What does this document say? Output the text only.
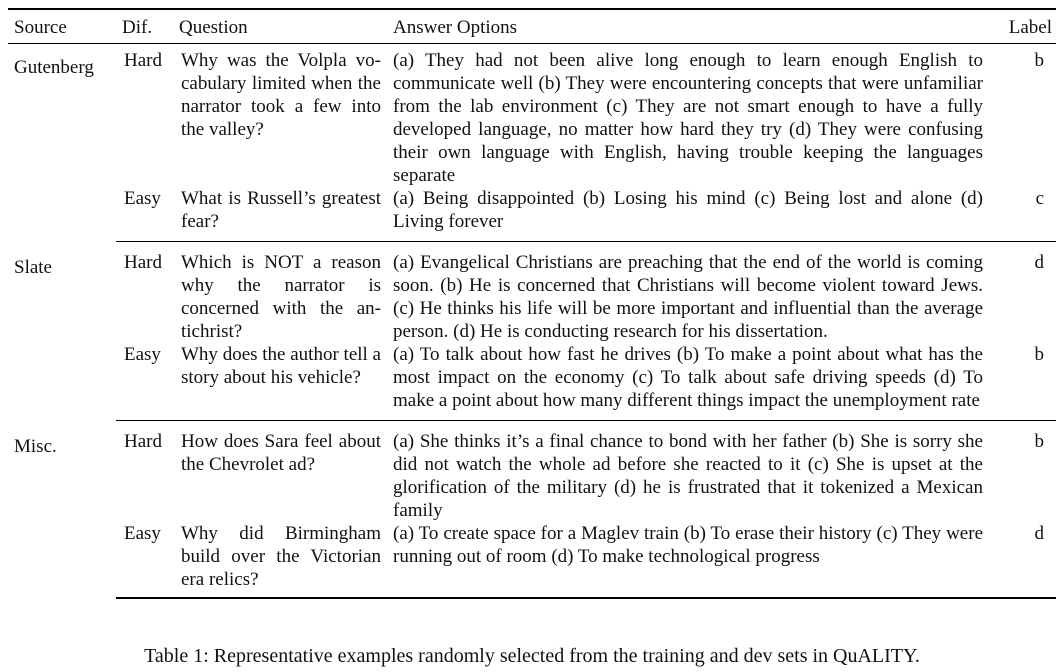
Source	Dif.	Question	Answer Options	Label
Gutenberg	Hard	Why was the Volpla vocabulary limited when the narrator took a few into the valley?	(a) They had not been alive long enough to learn enough English to communicate well (b) They were encountering concepts that were unfamiliar from the lab environment (c) They are not smart enough to have a fully developed language, no matter how hard they try (d) They were confusing their own language with English, having trouble keeping the languages separate	b
	Easy	What is Russell’s greatest fear?	(a) Being disappointed (b) Losing his mind (c) Being lost and alone (d) Living forever	c
Slate	Hard	Which is NOT a reason why the narrator is concerned with the antichrist?	(a) Evangelical Christians are preaching that the end of the world is coming soon. (b) He is concerned that Christians will become violent toward Jews. (c) He thinks his life will be more important and influential than the average person. (d) He is conducting research for his dissertation.	d
	Easy	Why does the author tell a story about his vehicle?	(a) To talk about how fast he drives (b) To make a point about what has the most impact on the economy (c) To talk about safe driving speeds (d) To make a point about how many different things impact the unemployment rate	b
Misc.	Hard	How does Sara feel about the Chevrolet ad?	(a) She thinks it’s a final chance to bond with her father (b) She is sorry she did not watch the whole ad before she reacted to it (c) She is upset at the glorification of the military (d) he is frustrated that it tokenized a Mexican family	b
	Easy	Why did Birmingham build over the Victorian era relics?	(a) To create space for a Maglev train (b) To erase their history (c) They were running out of room (d) To make technological progress	d
Table 1: Representative examples randomly selected from the training and dev sets in QuALITY.
